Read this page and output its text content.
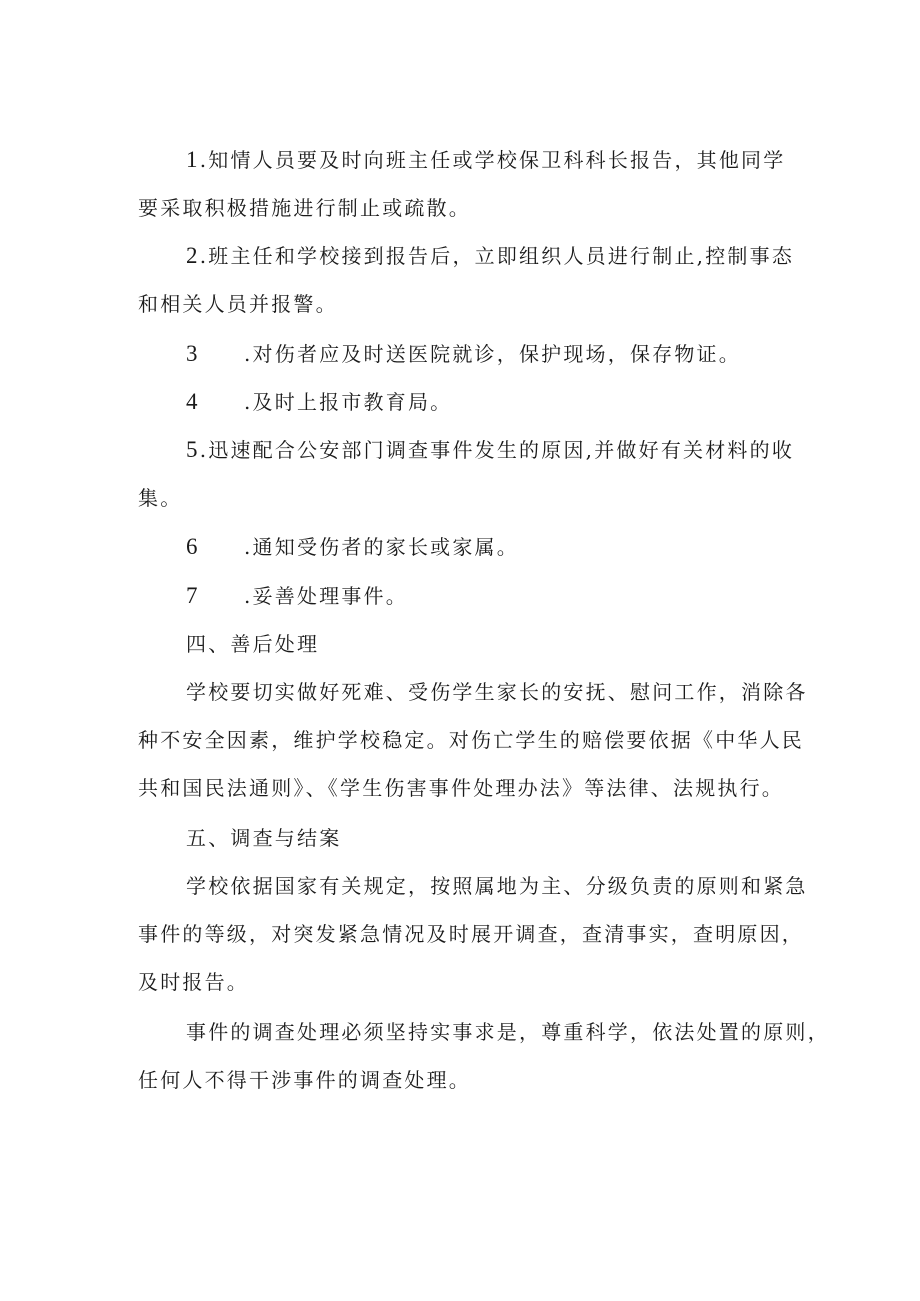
1.知情人员要及时向班主任或学校保卫科科长报告，其他同学
要采取积极措施进行制止或疏散。
2.班主任和学校接到报告后，立即组织人员进行制止,控制事态
和相关人员并报警。
3 .对伤者应及时送医院就诊，保护现场，保存物证。
4 .及时上报市教育局。
5.迅速配合公安部门调查事件发生的原因,并做好有关材料的收
集。
6 .通知受伤者的家长或家属。
7 .妥善处理事件。
四、善后处理
学校要切实做好死难、受伤学生家长的安抚、慰问工作，消除各
种不安全因素，维护学校稳定。对伤亡学生的赔偿要依据《中华人民
共和国民法通则》、《学生伤害事件处理办法》等法律、法规执行。
五、调查与结案
学校依据国家有关规定，按照属地为主、分级负责的原则和紧急
事件的等级，对突发紧急情况及时展开调查，查清事实，查明原因，
及时报告。
事件的调查处理必须坚持实事求是，尊重科学，依法处置的原则，
任何人不得干涉事件的调查处理。
